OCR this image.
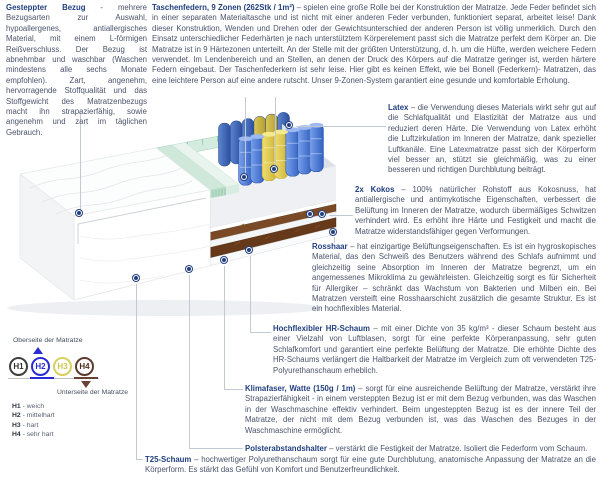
Gesteppter Bezug - mehrere Bezugsarten zur Auswahl, hypoallergenes, antiallergisches Material, mit einem L-förmigen Reißverschluss. Der Bezug ist abnehmbar und waschbar (Waschen mindestens alle sechs Monate empfohlen). Zart, angenehm, hervorragende Stoffqualität und das Stoffgewicht des Matratzenbezugs macht ihn strapazierfähig, sowie angenehm und zart im täglichen Gebrauch.
Taschenfedern, 9 Zonen (262Stk / 1m²) – spielen eine große Rolle bei der Konstruktion der Matratze. Jede Feder befindet sich in einer separaten Materialtasche und ist nicht mit einer anderen Feder verbunden, funktioniert separat, arbeitet leise! Dank dieser Konstruktion, Wenden und Drehen oder der Gewichtsunterschied der anderen Person ist völlig unmerklich. Durch den Einsatz unterschiedlicher Federhärten je nach unterstütztem Körperelement passt sich die Matratze perfekt dem Körper an. Die Matratze ist in 9 Härtezonen unterteilt. An der Stelle mit der größten Unterstützung, d. h. um die Hüfte, werden weichere Federn verwendet. Im Lendenbereich und an Stellen, an denen der Druck des Körpers auf die Matratze geringer ist, werden härtere Federn eingebaut. Der Taschenfederkern ist sehr leise. Hier gibt es keinen Effekt, wie bei Bonell (Federkern)- Matratzen, das eine leichtere Person auf eine andere rutscht. Unser 9-Zonen-System garantiert eine gesunde und komfortable Erholung.
Latex – die Verwendung dieses Materials wirkt sehr gut auf die Schlafqualität und Elastizität der Matratze aus und reduziert deren Härte. Die Verwendung von Latex erhöht die Luftzirkulation im Inneren der Matratze, dank spezieller Luftkanäle. Eine Latexmatratze passt sich der Körperform viel besser an, stützt sie gleichmäßig, was zu einer besseren und richtigen Durchblutung beiträgt.
2x Kokos – 100% natürlicher Rohstoff aus Kokosnuss, hat antiallergische und antimykotische Eigenschaften, verbessert die Belüftung im Inneren der Matratze, wodurch übermäßiges Schwitzen verhindert wird. Es erhöht ihre Härte und Festigkeit und macht die Matratze widerstandsfähiger gegen Verformungen.
Rosshaar – hat einzigartige Belüftungseigenschaften. Es ist ein hygroskopisches Material, das den Schweiß des Benutzers während des Schlafs aufnimmt und gleichzeitig seine Absorption im Inneren der Matratze begrenzt, um ein angemessenes Mikroklima zu gewährleisten. Gleichzeitig sorgt es für Sicherheit für Allergiker – schränkt das Wachstum von Bakterien und Milben ein. Bei Matratzen versteift eine Rosshaarschicht zusätzlich die gesamte Struktur. Es ist ein hochflexibles Material.
Hochflexibler HR-Schaum – mit einer Dichte von 35 kg/m³ - dieser Schaum besteht aus einer Vielzahl von Luftblasen, sorgt für eine perfekte Körperanpassung, sehr guten Schlafkomfort und garantiert eine perfekte Belüftung der Matratze. Die erhöhte Dichte des HR-Schaums verlängert die Haltbarkeit der Matratze im Vergleich zum oft verwendeten T25-Polyurethanschaum erheblich.
Klimafaser, Watte (150g / 1m) – sorgt für eine ausreichende Belüftung der Matratze, verstärkt ihre Strapazierfähigkeit - in einem versteppten Bezug ist er mit dem Bezug verbunden, was das Waschen in der Waschmaschine effektiv verhindert. Beim ungesteppten Bezug ist es der innere Teil der Matratze, der nicht mit dem Bezug verbunden ist, was das Waschen des Bezuges in der Waschmaschine ermöglicht.
Polsterabstandshalter – verstärkt die Festigkeit der Matratze. Isoliert die Federform vom Schaum.
T25-Schaum – hochwertiger Polyurethanschaum sorgt für eine gute Durchblutung, anatomische Anpassung der Matratze an die Körperform. Es stärkt das Gefühl von Komfort und Benutzerfreundlichkeit.
Oberseite der Matratze
H1	H2	H3	H4
Unterseite der Matratze
H1 - weich
H2 - mittelhart
H3 - hart
H4 - sehr hart
